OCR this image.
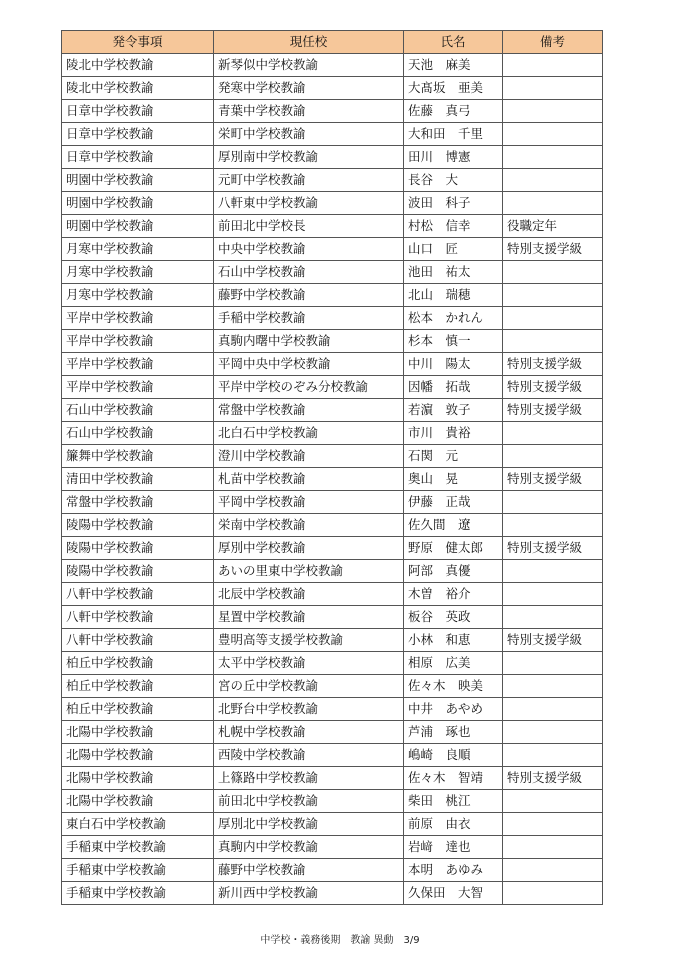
発令事項	現任校	氏名	備考
陵北中学校教諭	新琴似中学校教諭	天池　麻美	
陵北中学校教諭	発寒中学校教諭	大髙坂　亜美	
日章中学校教諭	青葉中学校教諭	佐藤　真弓	
日章中学校教諭	栄町中学校教諭	大和田　千里	
日章中学校教諭	厚別南中学校教諭	田川　博憲	
明園中学校教諭	元町中学校教諭	長谷　大	
明園中学校教諭	八軒東中学校教諭	波田　科子	
明園中学校教諭	前田北中学校長	村松　信幸	役職定年
月寒中学校教諭	中央中学校教諭	山口　匠	特別支援学級
月寒中学校教諭	石山中学校教諭	池田　祐太	
月寒中学校教諭	藤野中学校教諭	北山　瑞穂	
平岸中学校教諭	手稲中学校教諭	松本　かれん	
平岸中学校教諭	真駒内曙中学校教諭	杉本　慎一	
平岸中学校教諭	平岡中央中学校教諭	中川　陽太	特別支援学級
平岸中学校教諭	平岸中学校のぞみ分校教諭	因幡　拓哉	特別支援学級
石山中学校教諭	常盤中学校教諭	若濵　敦子	特別支援学級
石山中学校教諭	北白石中学校教諭	市川　貴裕	
簾舞中学校教諭	澄川中学校教諭	石関　元	
清田中学校教諭	札苗中学校教諭	奥山　晃	特別支援学級
常盤中学校教諭	平岡中学校教諭	伊藤　正哉	
陵陽中学校教諭	栄南中学校教諭	佐久間　遼	
陵陽中学校教諭	厚別中学校教諭	野原　健太郎	特別支援学級
陵陽中学校教諭	あいの里東中学校教諭	阿部　真優	
八軒中学校教諭	北辰中学校教諭	木曽　裕介	
八軒中学校教諭	星置中学校教諭	板谷　英政	
八軒中学校教諭	豊明高等支援学校教諭	小林　和恵	特別支援学級
柏丘中学校教諭	太平中学校教諭	相原　広美	
柏丘中学校教諭	宮の丘中学校教諭	佐々木　映美	
柏丘中学校教諭	北野台中学校教諭	中井　あやめ	
北陽中学校教諭	札幌中学校教諭	芦浦　琢也	
北陽中学校教諭	西陵中学校教諭	嶋崎　良順	
北陽中学校教諭	上篠路中学校教諭	佐々木　智靖	特別支援学級
北陽中学校教諭	前田北中学校教諭	柴田　桃江	
東白石中学校教諭	厚別北中学校教諭	前原　由衣	
手稲東中学校教諭	真駒内中学校教諭	岩﨑　達也	
手稲東中学校教諭	藤野中学校教諭	本明　あゆみ	
手稲東中学校教諭	新川西中学校教諭	久保田　大智	
中学校・義務後期　教諭 異動　3/9
